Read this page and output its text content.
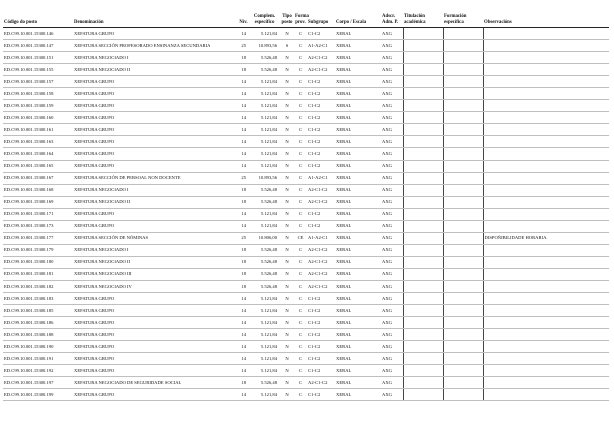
Código do posto	Denominación	Nív.	Complem. específico	Tipo posto	Forma prov.	Subgrupo	Corpo / Escala	Adscr. Adm. P.	Titulación académica	Formación específica	Observacións
ED.C99.10.001.15300.146	XEFATURA GRUPO	14	5.121,84	N	C	C1-C2	XERAL	AXG			
ED.C99.10.001.15300.147	XEFATURA SECCIÓN PROFESORADO ENSINANZA SECUNDARIA	25	10.893,56	S	C	A1-A2-C1	XERAL	AXG			
ED.C99.10.001.15300.151	XEFATURA NEGOCIADO I	18	5.526,48	N	C	A2-C1-C2	XERAL	AXG			
ED.C99.10.001.15300.155	XEFATURA NEGOCIADO II	18	5.526,48	N	C	A2-C1-C2	XERAL	AXG			
ED.C99.10.001.15300.157	XEFATURA GRUPO	14	5.121,84	N	C	C1-C2	XERAL	AXG			
ED.C99.10.001.15300.158	XEFATURA GRUPO	14	5.121,84	N	C	C1-C2	XERAL	AXG			
ED.C99.10.001.15300.159	XEFATURA GRUPO	14	5.121,84	N	C	C1-C2	XERAL	AXG			
ED.C99.10.001.15300.160	XEFATURA GRUPO	14	5.121,84	N	C	C1-C2	XERAL	AXG			
ED.C99.10.001.15300.161	XEFATURA GRUPO	14	5.121,84	N	C	C1-C2	XERAL	AXG			
ED.C99.10.001.15300.163	XEFATURA GRUPO	14	5.121,84	N	C	C1-C2	XERAL	AXG			
ED.C99.10.001.15300.164	XEFATURA GRUPO	14	5.121,84	N	C	C1-C2	XERAL	AXG			
ED.C99.10.001.15300.165	XEFATURA GRUPO	14	5.121,84	N	C	C1-C2	XERAL	AXG			
ED.C99.10.001.15300.167	XEFATURA SECCIÓN DE PERSOAL NON DOCENTE	25	10.893,56	N	C	A1-A2-C1	XERAL	AXG			
ED.C99.10.001.15300.168	XEFATURA NEGOCIADO I	18	5.526,48	N	C	A2-C1-C2	XERAL	AXG			
ED.C99.10.001.15300.169	XEFATURA NEGOCIADO II	18	5.526,48	N	C	A2-C1-C2	XERAL	AXG			
ED.C99.10.001.15300.171	XEFATURA GRUPO	14	5.121,84	N	C	C1-C2	XERAL	AXG			
ED.C99.10.001.15300.173	XEFATURA GRUPO	14	5.121,84	N	C	C1-C2	XERAL	AXG			
ED.C99.10.001.15300.177	XEFATURA SECCIÓN DE NÓMINAS	25	10.806,00	N	CE	A1-A2-C1	XERAL	AXG			DISPOÑIBILIDADE HORARIA.
ED.C99.10.001.15300.179	XEFATURA NEGOCIADO I	18	5.526,48	N	C	A2-C1-C2	XERAL	AXG			
ED.C99.10.001.15300.180	XEFATURA NEGOCIADO II	18	5.526,48	N	C	A2-C1-C2	XERAL	AXG			
ED.C99.10.001.15300.181	XEFATURA NEGOCIADO III	18	5.526,48	N	C	A2-C1-C2	XERAL	AXG			
ED.C99.10.001.15300.182	XEFATURA NEGOCIADO IV	18	5.526,48	N	C	A2-C1-C2	XERAL	AXG			
ED.C99.10.001.15300.183	XEFATURA GRUPO	14	5.121,84	N	C	C1-C2	XERAL	AXG			
ED.C99.10.001.15300.185	XEFATURA GRUPO	14	5.121,84	N	C	C1-C2	XERAL	AXG			
ED.C99.10.001.15300.186	XEFATURA GRUPO	14	5.121,84	N	C	C1-C2	XERAL	AXG			
ED.C99.10.001.15300.188	XEFATURA GRUPO	14	5.121,84	N	C	C1-C2	XERAL	AXG			
ED.C99.10.001.15300.190	XEFATURA GRUPO	14	5.121,84	N	C	C1-C2	XERAL	AXG			
ED.C99.10.001.15300.191	XEFATURA GRUPO	14	5.121,84	N	C	C1-C2	XERAL	AXG			
ED.C99.10.001.15300.192	XEFATURA GRUPO	14	5.121,84	N	C	C1-C2	XERAL	AXG			
ED.C99.10.001.15300.197	XEFATURA NEGOCIADO DE SEGURIDADE SOCIAL	18	5.526,48	N	C	A2-C1-C2	XERAL	AXG			
ED.C99.10.001.15300.199	XEFATURA GRUPO	14	5.121,84	N	C	C1-C2	XERAL	AXG			
